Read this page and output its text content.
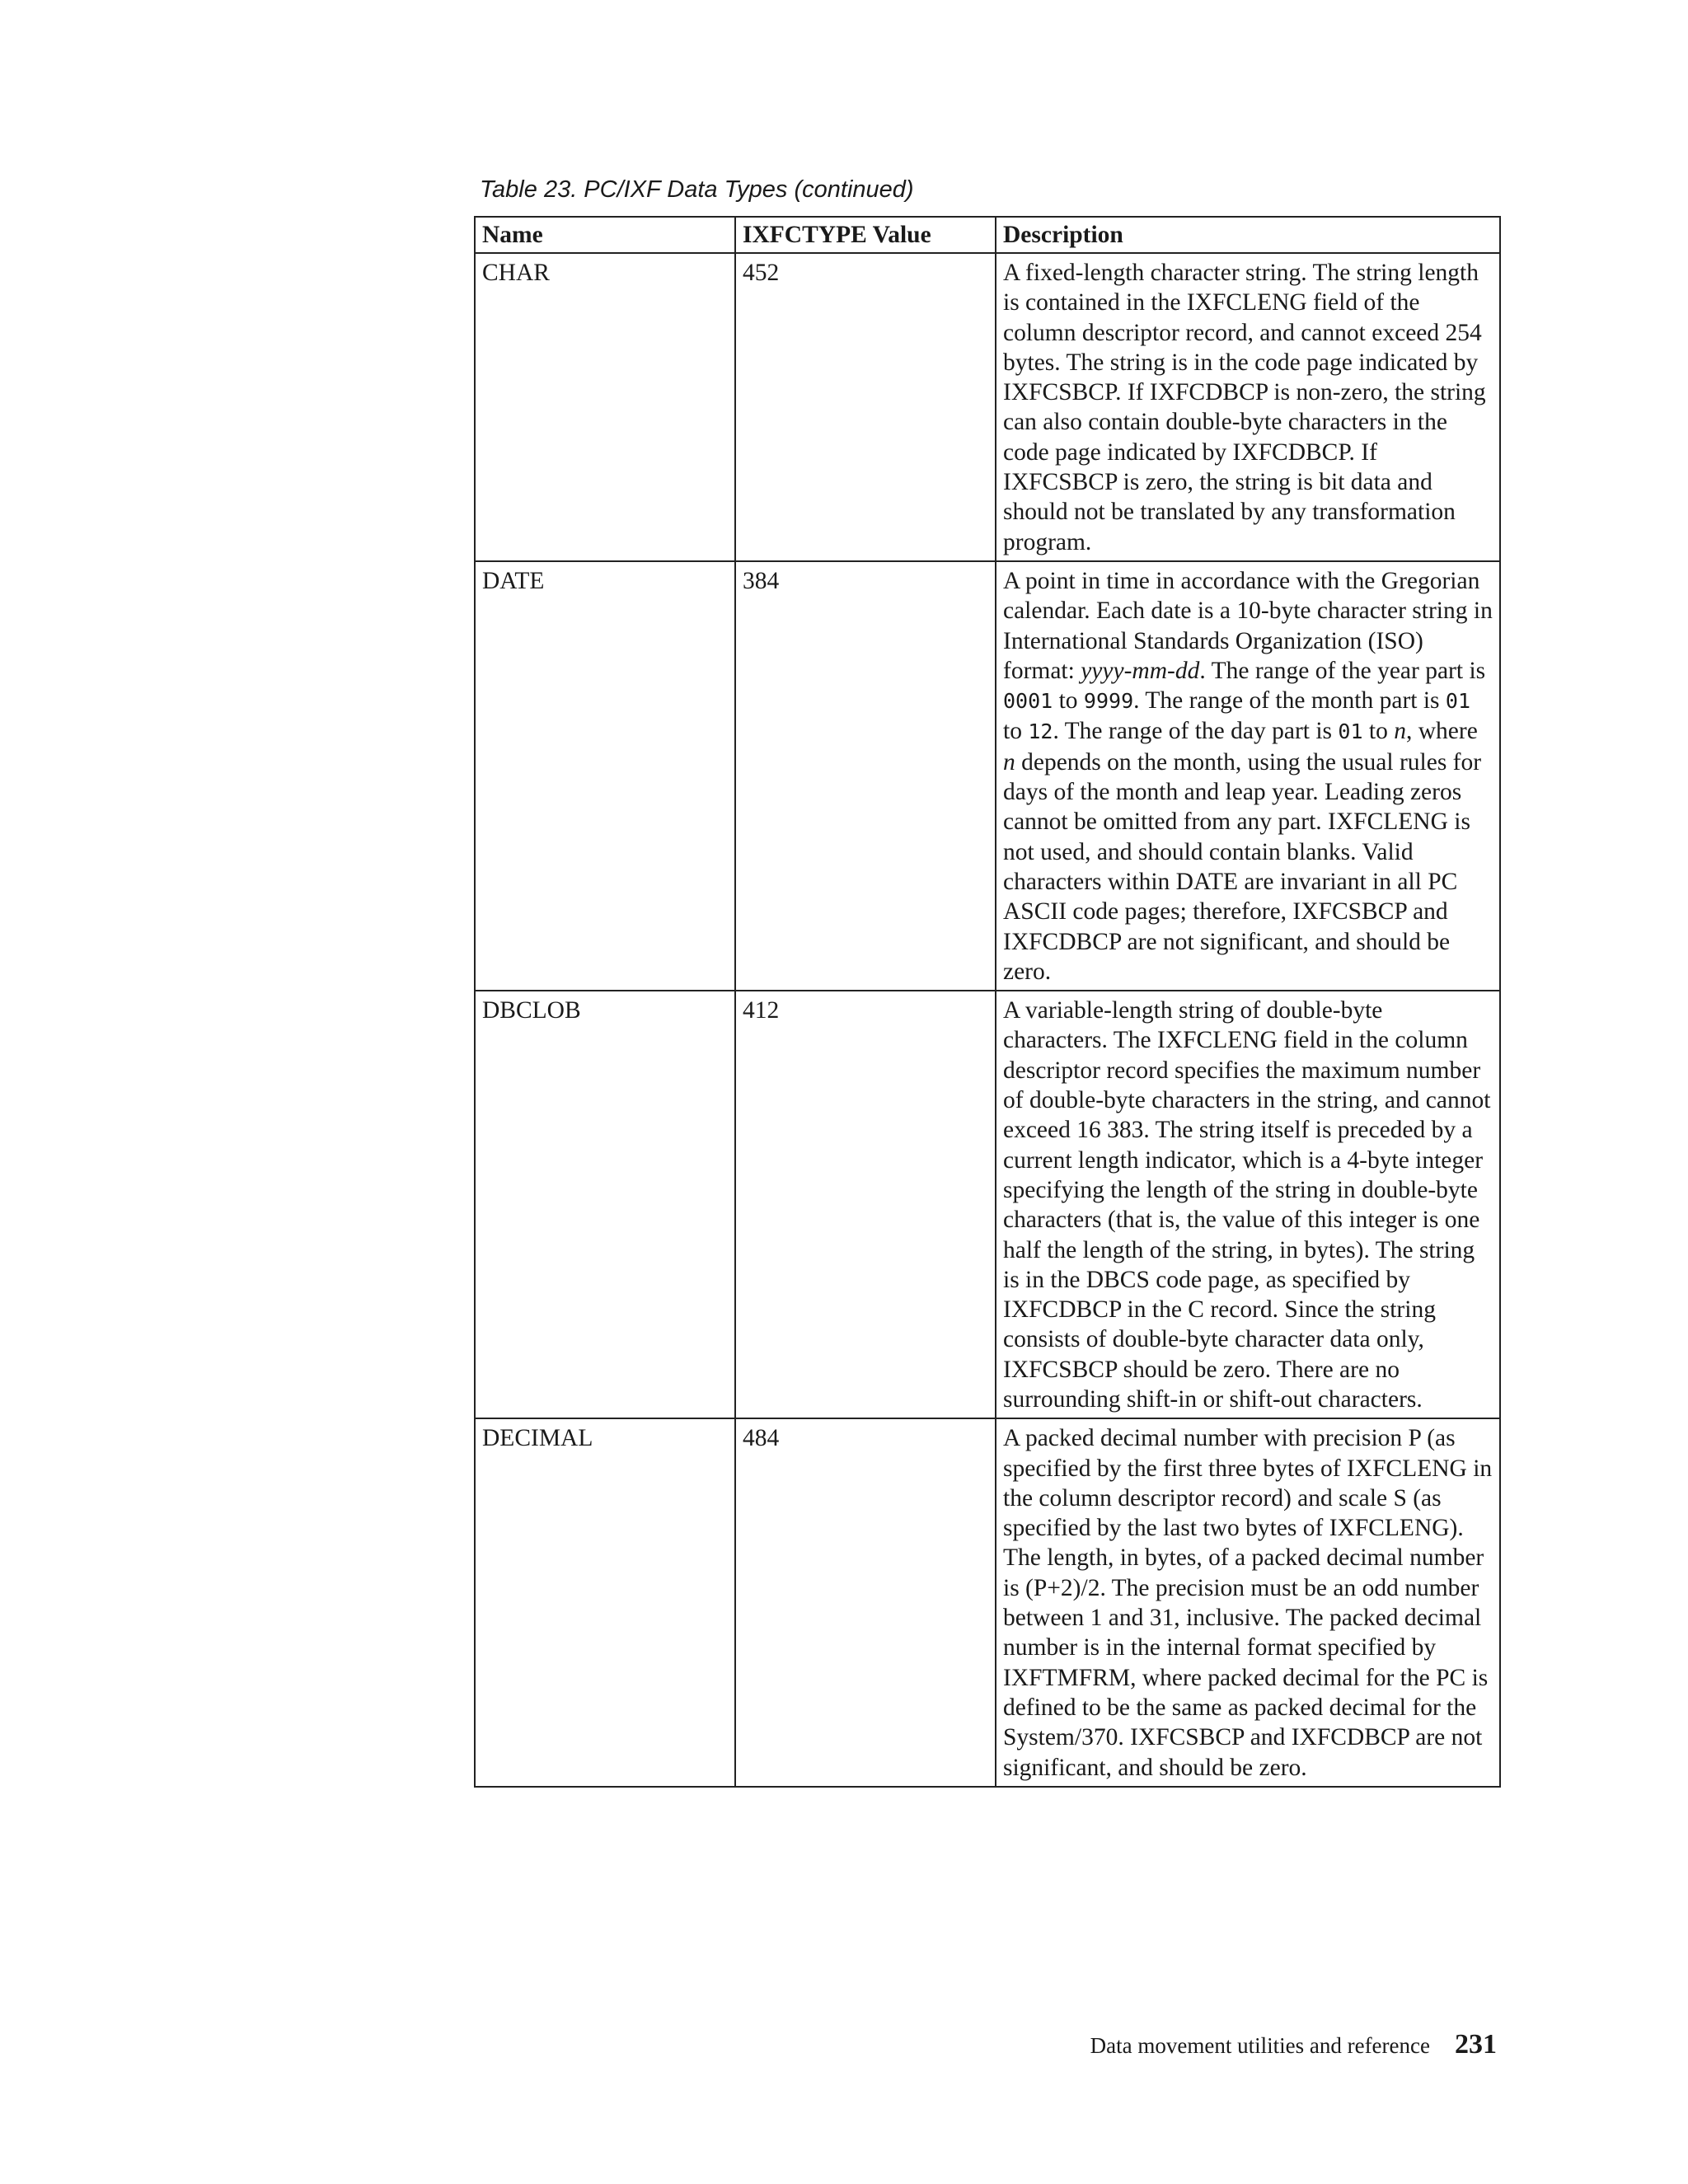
Table 23. PC/IXF Data Types (continued)
Name	IXFCTYPE Value	Description
CHAR	452	A fixed-length character string. The string length is contained in the IXFCLENG field of the column descriptor record, and cannot exceed 254 bytes. The string is in the code page indicated by IXFCSBCP. If IXFCDBCP is non-zero, the string can also contain double-byte characters in the code page indicated by IXFCDBCP. If IXFCSBCP is zero, the string is bit data and should not be translated by any transformation program.
DATE	384	A point in time in accordance with the Gregorian calendar. Each date is a 10-byte character string in International Standards Organization (ISO) format: yyyy-mm-dd. The range of the year part is 0001 to 9999. The range of the month part is 01 to 12. The range of the day part is 01 to n, where n depends on the month, using the usual rules for days of the month and leap year. Leading zeros cannot be omitted from any part. IXFCLENG is not used, and should contain blanks. Valid characters within DATE are invariant in all PC ASCII code pages; therefore, IXFCSBCP and IXFCDBCP are not significant, and should be zero.
DBCLOB	412	A variable-length string of double-byte characters. The IXFCLENG field in the column descriptor record specifies the maximum number of double-byte characters in the string, and cannot exceed 16 383. The string itself is preceded by a current length indicator, which is a 4-byte integer specifying the length of the string in double-byte characters (that is, the value of this integer is one half the length of the string, in bytes). The string is in the DBCS code page, as specified by IXFCDBCP in the C record. Since the string consists of double-byte character data only, IXFCSBCP should be zero. There are no surrounding shift-in or shift-out characters.
DECIMAL	484	A packed decimal number with precision P (as specified by the first three bytes of IXFCLENG in the column descriptor record) and scale S (as specified by the last two bytes of IXFCLENG). The length, in bytes, of a packed decimal number is (P+2)/2. The precision must be an odd number between 1 and 31, inclusive. The packed decimal number is in the internal format specified by IXFTMFRM, where packed decimal for the PC is defined to be the same as packed decimal for the System/370. IXFCSBCP and IXFCDBCP are not significant, and should be zero.
Data movement utilities and reference 231
